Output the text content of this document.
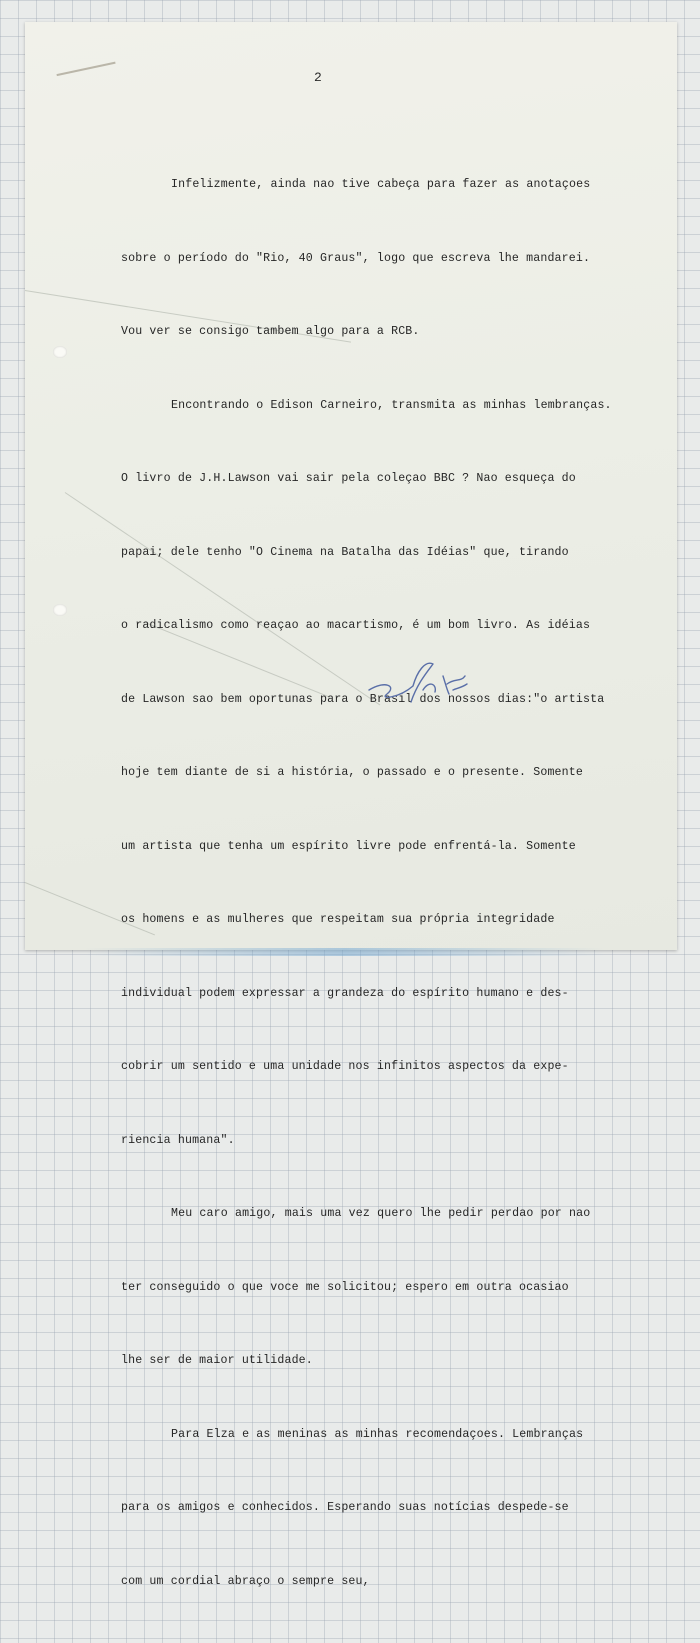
2

Infelizmente, ainda nao tive cabeça para fazer as anotaçoes

sobre o período do "Rio, 40 Graus", logo que escreva lhe mandarei.

Vou ver se consigo tambem algo para a RCB.

Encontrando o Edison Carneiro, transmita as minhas lembranças.

O livro de J.H.Lawson vai sair pela coleçao BBC ? Nao esqueça do

papai; dele tenho "O Cinema na Batalha das Idéias" que, tirando

o radicalismo como reaçao ao macartismo, é um bom livro. As idéias

de Lawson sao bem oportunas para o Brasil dos nossos dias:"o artista

hoje tem diante de si a história, o passado e o presente. Somente

um artista que tenha um espírito livre pode enfrentá-la. Somente

os homens e as mulheres que respeitam sua própria integridade

individual podem expressar a grandeza do espírito humano e des-

cobrir um sentido e uma unidade nos infinitos aspectos da expe-

riencia humana".

Meu caro amigo, mais uma vez quero lhe pedir perdao por nao

ter conseguido o que voce me solicitou; espero em outra ocasiao

lhe ser de maior utilidade.

Para Elza e as meninas as minhas recomendaçoes. Lembranças

para os amigos e conhecidos. Esperando suas notícias despede-se

com um cordial abraço o sempre seu,
